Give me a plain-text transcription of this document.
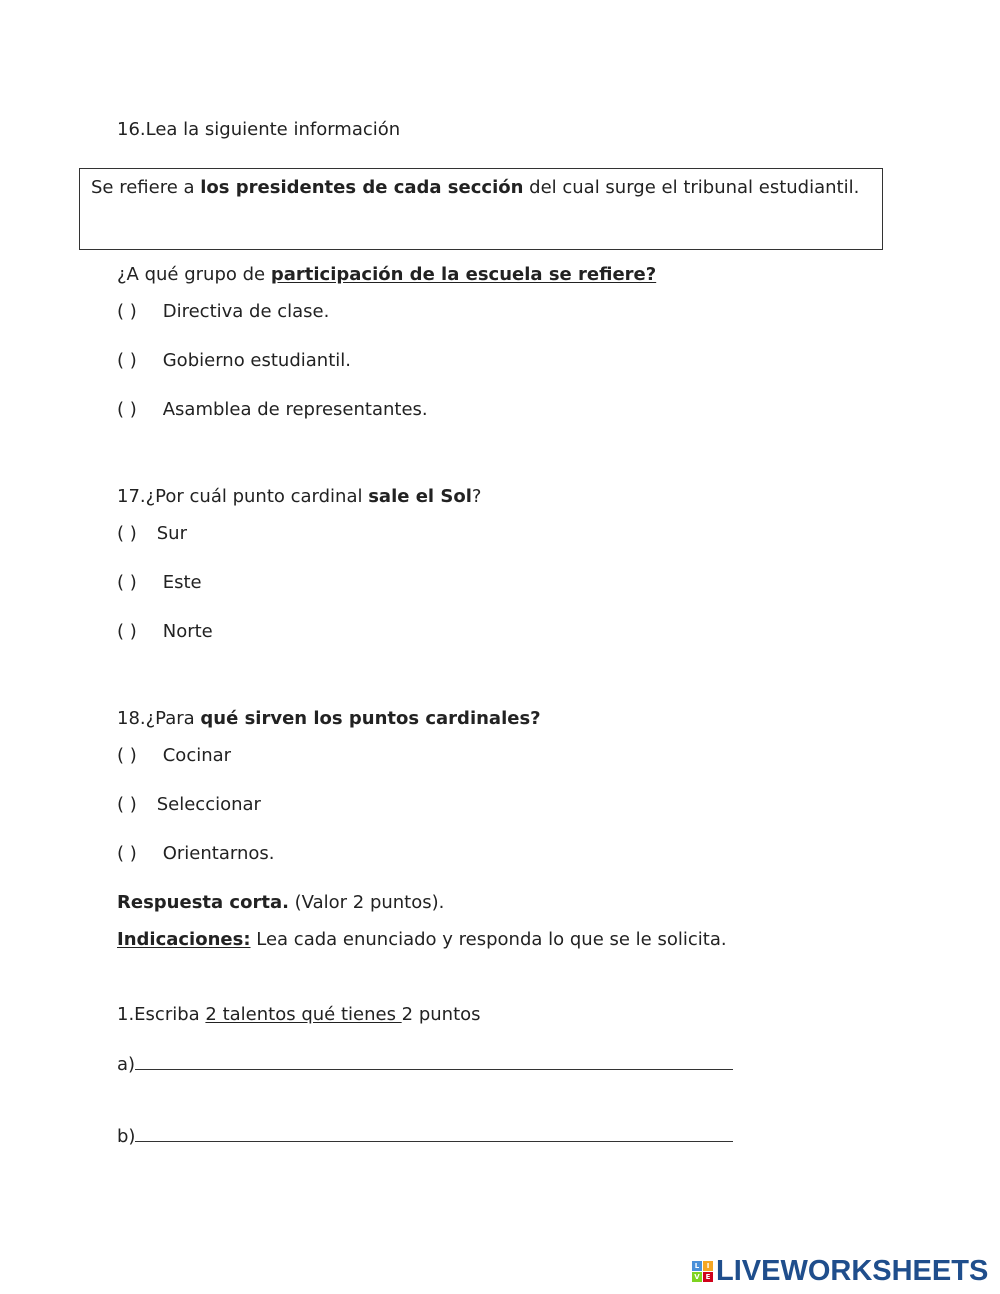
16.Lea la siguiente información
Se refiere a los presidentes de cada sección del cual surge el tribunal estudiantil.
¿A qué grupo de participación de la escuela se refiere?
( ) Directiva de clase.
( ) Gobierno estudiantil.
( ) Asamblea de representantes.
17.¿Por cuál punto cardinal sale el Sol?
( ) Sur
( ) Este
( ) Norte
18.¿Para qué sirven los puntos cardinales?
( ) Cocinar
( ) Seleccionar
( ) Orientarnos.
Respuesta corta. (Valor 2 puntos).
Indicaciones: Lea cada enunciado y responda lo que se le solicita.
1.Escriba 2 talentos qué tienes 2 puntos
a)
b)
L	I
V E LIVEWORKSHEETS
